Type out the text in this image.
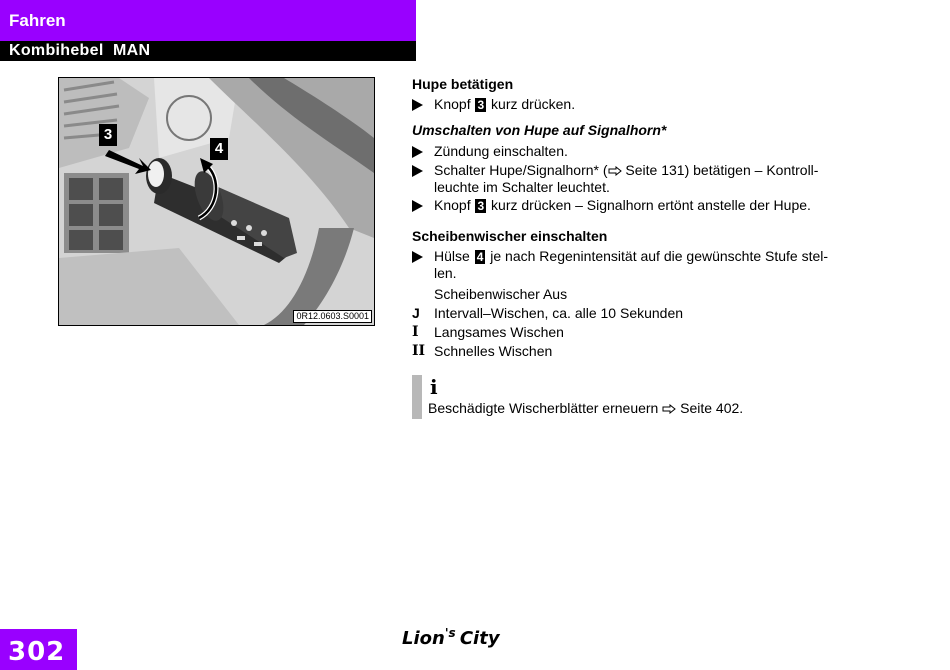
Fahren
Kombihebel  MAN
3
4
0R12.0603.S0001
Hupe betätigen
Knopf 3 kurz drücken.
Umschalten von Hupe auf Signalhorn*
Zündung einschalten.
Schalter Hupe/Signalhorn* ( Seite 131) betätigen – Kontroll-
leuchte im Schalter leuchtet.
Knopf 3 kurz drücken – Signalhorn ertönt anstelle der Hupe.
Scheibenwischer einschalten
Hülse 4 je nach Regenintensität auf die gewünschte Stufe stel-
len.
Scheibenwischer Aus
J	Intervall–Wischen, ca. alle 10 Sekunden
I	Langsames Wischen
II Schnelles Wischen
i
Beschädigte Wischerblätter erneuern  Seite 402.
302	Lion$^{'s}$ City
